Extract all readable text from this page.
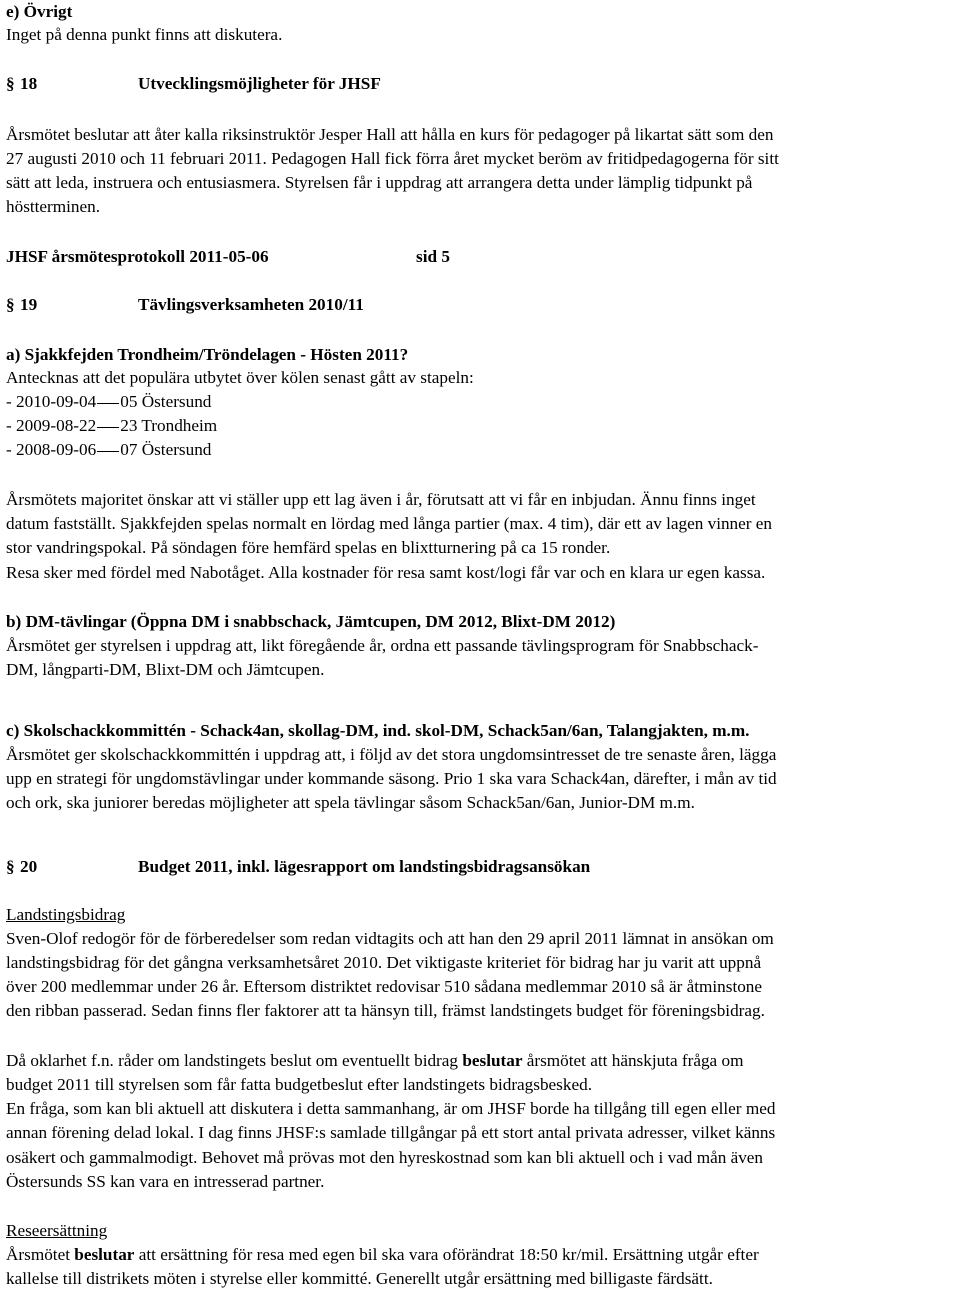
e) Övrigt
Inget på denna punkt finns att diskutera.
§ 18	Utvecklingsmöjligheter för JHSF
Årsmötet beslutar att åter kalla riksinstruktör Jesper Hall att hålla en kurs för pedagoger på likartat sätt som den
27 augusti 2010 och 11 februari 2011. Pedagogen Hall fick förra året mycket beröm av fritidpedagogerna för sitt
sätt att leda, instruera och entusiasmera. Styrelsen får i uppdrag att arrangera detta under lämplig tidpunkt på
höstterminen.
JHSF årsmötesprotokoll 2011-05-06	sid 5
§ 19	Tävlingsverksamheten 2010/11
a) Sjakkfejden Trondheim/Tröndelagen - Hösten 2011?
Antecknas att det populära utbytet över kölen senast gått av stapeln:
- 2010-09-04 05 Östersund
- 2009-08-22 23 Trondheim
- 2008-09-06 07 Östersund
Årsmötets majoritet önskar att vi ställer upp ett lag även i år, förutsatt att vi får en inbjudan. Ännu finns inget
datum fastställt. Sjakkfejden spelas normalt en lördag med långa partier (max. 4 tim), där ett av lagen vinner en
stor vandringspokal. På söndagen före hemfärd spelas en blixtturnering på ca 15 ronder.
Resa sker med fördel med Nabotåget. Alla kostnader för resa samt kost/logi får var och en klara ur egen kassa.
b) DM-tävlingar (Öppna DM i snabbschack, Jämtcupen, DM 2012, Blixt-DM 2012)
Årsmötet ger styrelsen i uppdrag att, likt föregående år, ordna ett passande tävlingsprogram för Snabbschack-
DM, långparti-DM, Blixt-DM och Jämtcupen.
c) Skolschackkommittén - Schack4an, skollag-DM, ind. skol-DM, Schack5an/6an, Talangjakten, m.m.
Årsmötet ger skolschackkommittén i uppdrag att, i följd av det stora ungdomsintresset de tre senaste åren, lägga
upp en strategi för ungdomstävlingar under kommande säsong. Prio 1 ska vara Schack4an, därefter, i mån av tid
och ork, ska juniorer beredas möjligheter att spela tävlingar såsom Schack5an/6an, Junior-DM m.m.
§ 20	Budget 2011, inkl. lägesrapport om landstingsbidragsansökan
Landstingsbidrag
Sven-Olof redogör för de förberedelser som redan vidtagits och att han den 29 april 2011 lämnat in ansökan om
landstingsbidrag för det gångna verksamhetsåret 2010. Det viktigaste kriteriet för bidrag har ju varit att uppnå
över 200 medlemmar under 26 år. Eftersom distriktet redovisar 510 sådana medlemmar 2010 så är åtminstone
den ribban passerad. Sedan finns fler faktorer att ta hänsyn till, främst landstingets budget för föreningsbidrag.
Då oklarhet f.n. råder om landstingets beslut om eventuellt bidrag beslutar årsmötet att hänskjuta fråga om
budget 2011 till styrelsen som får fatta budgetbeslut efter landstingets bidragsbesked.
En fråga, som kan bli aktuell att diskutera i detta sammanhang, är om JHSF borde ha tillgång till egen eller med
annan förening delad lokal. I dag finns JHSF:s samlade tillgångar på ett stort antal privata adresser, vilket känns
osäkert och gammalmodigt. Behovet må prövas mot den hyreskostnad som kan bli aktuell och i vad mån även
Östersunds SS kan vara en intresserad partner.
Reseersättning
Årsmötet beslutar att ersättning för resa med egen bil ska vara oförändrat 18:50 kr/mil. Ersättning utgår efter
kallelse till distrikets möten i styrelse eller kommitté. Generellt utgår ersättning med billigaste färdsätt.
